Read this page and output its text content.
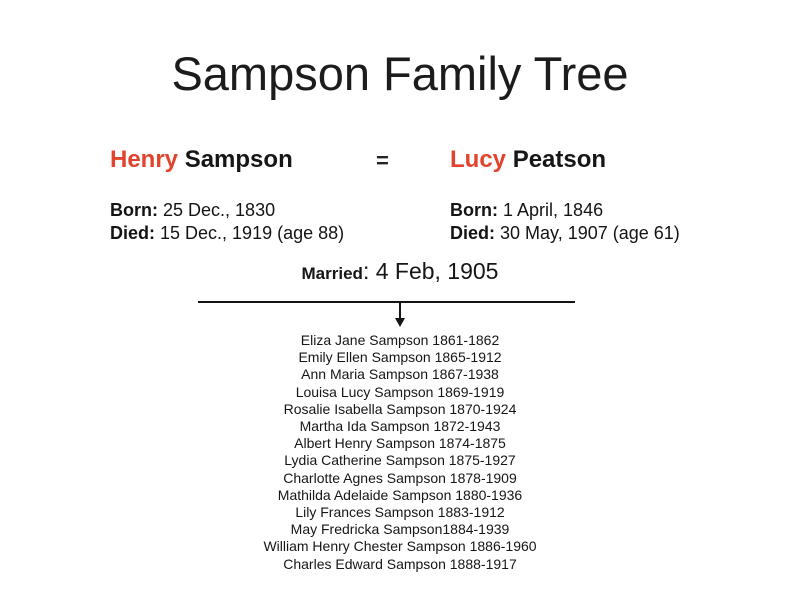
Sampson Family Tree
Henry Sampson	=	Lucy Peatson
Born: 25 Dec., 1830
Died: 15 Dec., 1919 (age 88)
Born: 1 April, 1846
Died: 30 May, 1907 (age 61)
Married: 4 Feb, 1905
Eliza Jane Sampson 1861-1862
Emily Ellen Sampson 1865-1912
Ann Maria Sampson 1867-1938
Louisa Lucy Sampson 1869-1919
Rosalie Isabella Sampson 1870-1924
Martha Ida Sampson 1872-1943
Albert Henry Sampson 1874-1875
Lydia Catherine Sampson 1875-1927
Charlotte Agnes Sampson 1878-1909
Mathilda Adelaide Sampson 1880-1936
Lily Frances Sampson 1883-1912
May Fredricka Sampson1884-1939
William Henry Chester Sampson 1886-1960
Charles Edward Sampson 1888-1917
